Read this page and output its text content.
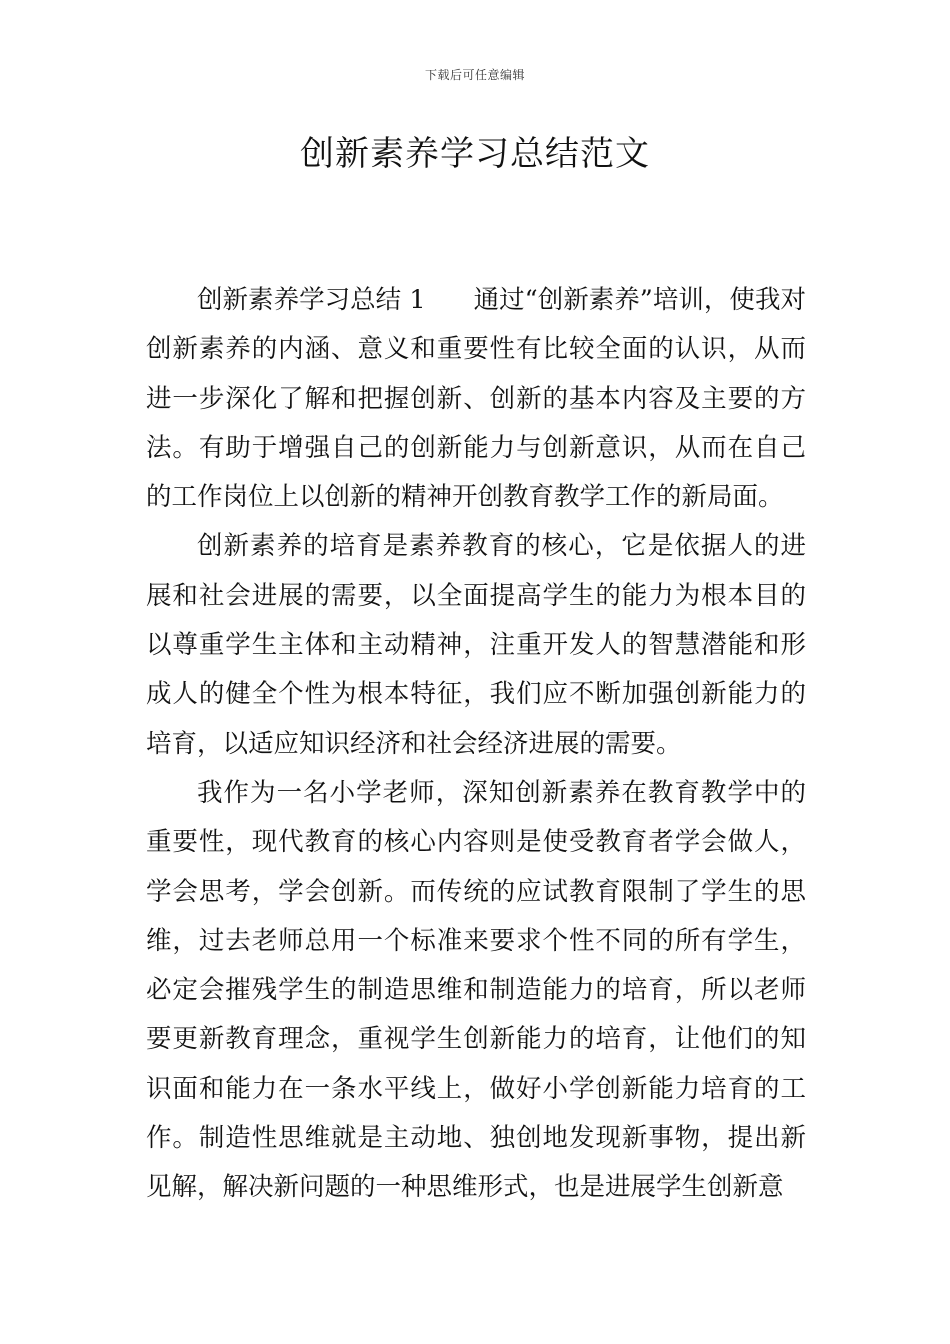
下载后可任意编辑
创新素养学习总结范文

创新素养学习总结 1 通过“创新素养”培训，使我对创新素养的内涵、意义和重要性有比较全面的认识，从而进一步深化了解和把握创新、创新的基本内容及主要的方法。有助于增强自己的创新能力与创新意识，从而在自己的工作岗位上以创新的精神开创教育教学工作的新局面。

创新素养的培育是素养教育的核心，它是依据人的进展和社会进展的需要，以全面提高学生的能力为根本目的以尊重学生主体和主动精神，注重开发人的智慧潜能和形成人的健全个性为根本特征，我们应不断加强创新能力的培育，以适应知识经济和社会经济进展的需要。

我作为一名小学老师，深知创新素养在教育教学中的重要性，现代教育的核心内容则是使受教育者学会做人，学会思考，学会创新。而传统的应试教育限制了学生的思维，过去老师总用一个标准来要求个性不同的所有学生，必定会摧残学生的制造思维和制造能力的培育，所以老师要更新教育理念，重视学生创新能力的培育，让他们的知识面和能力在一条水平线上，做好小学创新能力培育的工作。制造性思维就是主动地、独创地发现新事物，提出新见解，解决新问题的一种思维形式，也是进展学生创新意
